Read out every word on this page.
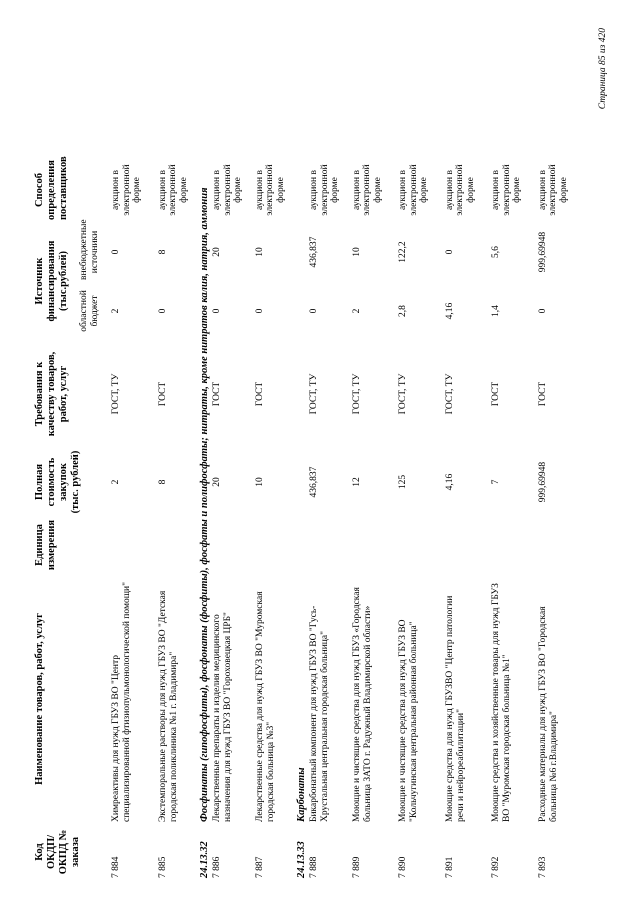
Код ОКДП/ ОКПД № заказа	Наименование товаров, работ, услуг	Единица измерения	Полная стоимость закупок (тыс. рублей)	Требования к качеству товаров, работ, услуг	Источник финансирования (тыс.рублей)		Способ определения поставщиков	
					областной бюджет	внебюджетные источники		
7 884	Химреактивы для нужд ГБУЗ ВО "Центр специализированной фтизиопульмонологической помощи"		2	ГОСТ, ТУ	2	0	аукцион в электронной форме	
7 885	Экстемпоральные растворы для нужд ГБУЗ ВО "Детская городская поликлиника №1 г. Владимира"		8	ГОСТ	0	8	аукцион в электронной форме	
24.13.32	Фосфинаты (гипофосфиты), фосфонаты (фосфиты), фосфаты и полифосфаты; нитраты, кроме нитратов калия, натрия, аммония							
7 886	Лекарственные препараты и изделия медицинского назначения для нужд ГБУЗ ВО "Гороховецкая ЦРБ"		20	ГОСТ	0	20	аукцион в электронной форме	
7 887	Лекарственные средства для нужд ГБУЗ ВО "Муромская городская больница №3"		10	ГОСТ	0	10	аукцион в электронной форме	
24.13.33	Карбонаты							
7 888	Бикарбонатный компонент для нужд ГБУЗ ВО "Гусь-Хрустальная центральная городская больница"		436,837	ГОСТ, ТУ	0	436,837	аукцион в электронной форме	
7 889	Моющие и чистящие средства для нужд ГБУЗ «Городская больница ЗАТО г. Радужный Владимирской области»		12	ГОСТ, ТУ	2	10	аукцион в электронной форме	
7 890	Моющие и чистящие средства для нужд ГБУЗ ВО "Кольчугинская центральная районная больница"		125	ГОСТ, ТУ	2,8	122,2	аукцион в электронной форме	
7 891	Моющие средства для нужд ГБУЗВО "Центр патологии речи и нейрореабилитации"		4,16	ГОСТ, ТУ	4,16	0	аукцион в электронной форме	
7 892	Моющие средства и хозяйственные товары для нужд ГБУЗ ВО "Муромская городская больница №1"		7	ГОСТ	1,4	5,6	аукцион в электронной форме	
7 893	Расходные материалы для нужд ГБУЗ ВО "Городская больница №6 г.Владимира"		999,69948	ГОСТ	0	999,69948	аукцион в электронной форме	
Страница 85 из 420
